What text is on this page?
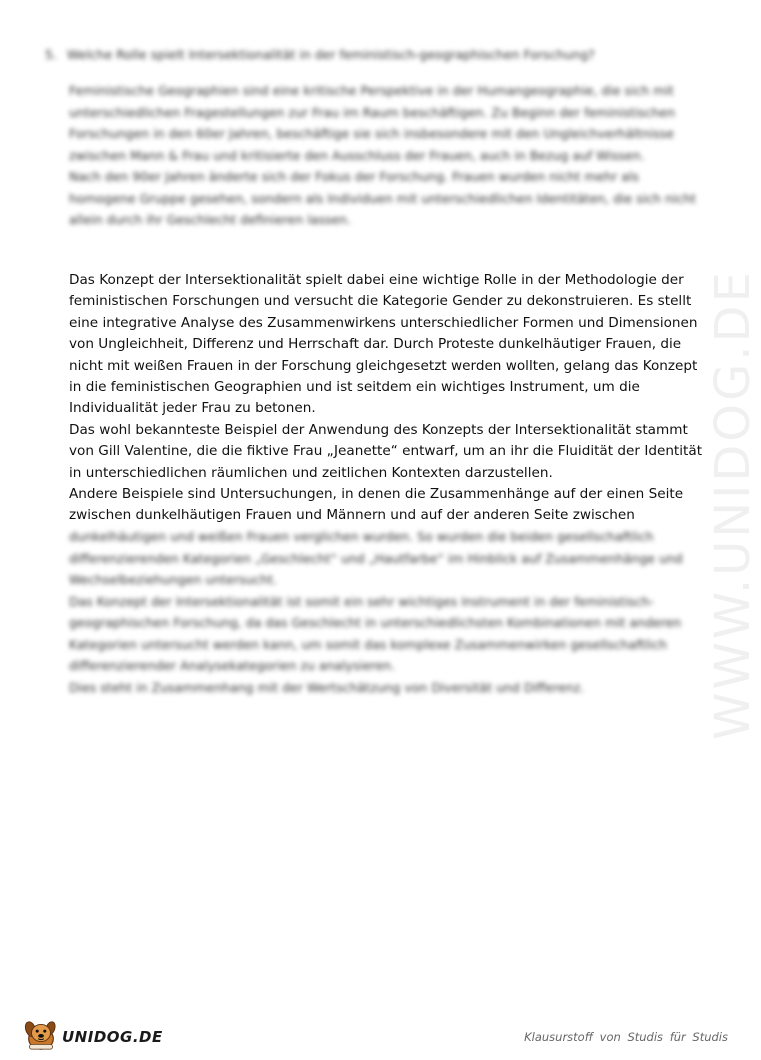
WWW.UNIDOG.DE
5. Welche Rolle spielt Intersektionalität in der feministisch-geographischen Forschung?
Feministische Geographien sind eine kritische Perspektive in der Humangeographie, die sich mit unterschiedlichen Fragestellungen zur Frau im Raum beschäftigen. Zu Beginn der feministischen Forschungen in den 60er Jahren, beschäftige sie sich insbesondere mit den Ungleichverhältnisse zwischen Mann & Frau und kritisierte den Ausschluss der Frauen, auch in Bezug auf Wissen.
Nach den 90er Jahren änderte sich der Fokus der Forschung. Frauen wurden nicht mehr als homogene Gruppe gesehen, sondern als Individuen mit unterschiedlichen Identitäten, die sich nicht allein durch ihr Geschlecht definieren lassen.
Das Konzept der Intersektionalität spielt dabei eine wichtige Rolle in der Methodologie der feministischen Forschungen und versucht die Kategorie Gender zu dekonstruieren. Es stellt eine integrative Analyse des Zusammenwirkens unterschiedlicher Formen und Dimensionen von Ungleichheit, Differenz und Herrschaft dar. Durch Proteste dunkelhäutiger Frauen, die nicht mit weißen Frauen in der Forschung gleichgesetzt werden wollten, gelang das Konzept in die feministischen Geographien und ist seitdem ein wichtiges Instrument, um die Individualität jeder Frau zu betonen.
Das wohl bekannteste Beispiel der Anwendung des Konzepts der Intersektionalität stammt von Gill Valentine, die die fiktive Frau „Jeanette“ entwarf, um an ihr die Fluidität der Identität in unterschiedlichen räumlichen und zeitlichen Kontexten darzustellen.
Andere Beispiele sind Untersuchungen, in denen die Zusammenhänge auf der einen Seite zwischen dunkelhäutigen Frauen und Männern und auf der anderen Seite zwischen
dunkelhäutigen und weißen Frauen verglichen wurden. So wurden die beiden gesellschaftlich differenzierenden Kategorien „Geschlecht“ und „Hautfarbe“ im Hinblick auf Zusammenhänge und Wechselbeziehungen untersucht.
Das Konzept der Intersektionalität ist somit ein sehr wichtiges Instrument in der feministisch-geographischen Forschung, da das Geschlecht in unterschiedlichsten Kombinationen mit anderen Kategorien untersucht werden kann, um somit das komplexe Zusammenwirken gesellschaftlich differenzierender Analysekategorien zu analysieren.
Dies steht in Zusammenhang mit der Wertschätzung von Diversität und Differenz.
UNIDOG.DE	Klausurstoff von Studis für Studis
